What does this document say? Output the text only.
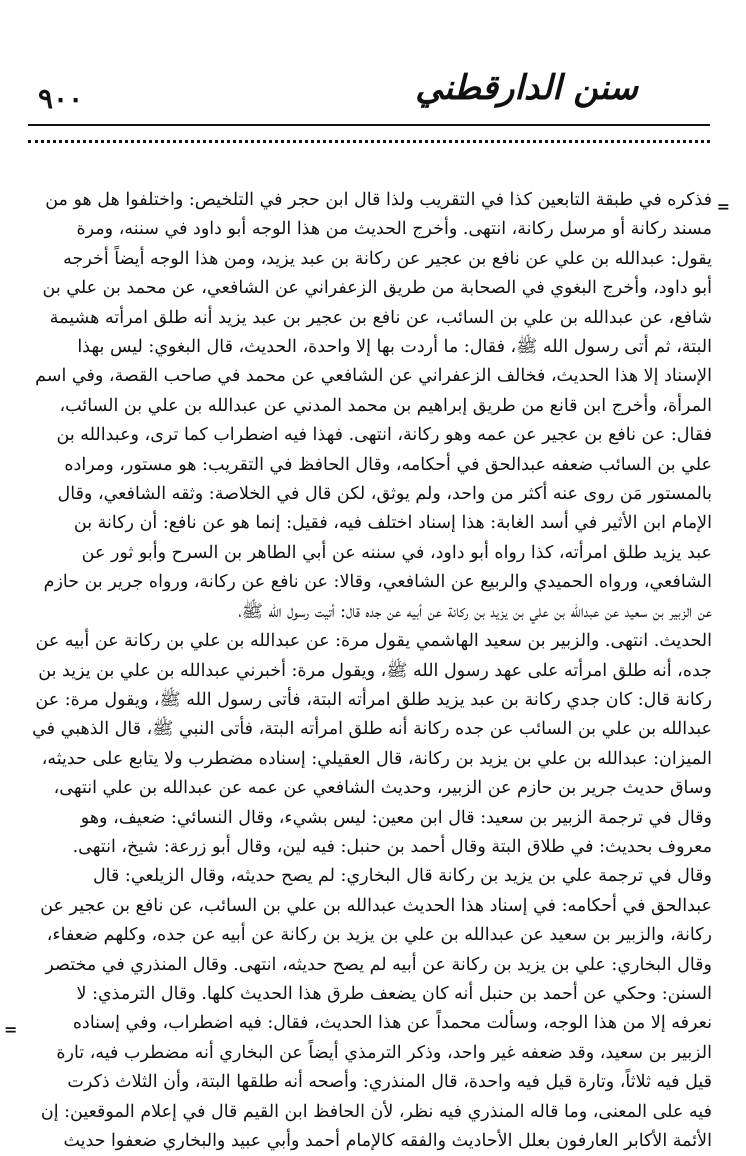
٩٠٠	سنن الدارقطني
=
فذكره في طبقة التابعين كذا في التقريب ولذا قال ابن حجر في التلخيص: واختلفوا هل هو من
مسند ركانة أو مرسل ركانة، انتهى. وأخرج الحديث من هذا الوجه أبو داود في سننه، ومرة
يقول: عبدالله بن علي عن نافع بن عجير عن ركانة بن عبد يزيد، ومن هذا الوجه أيضاً أخرجه
أبو داود، وأخرج البغوي في الصحابة من طريق الزعفراني عن الشافعي، عن محمد بن علي بن
شافع، عن عبدالله بن علي بن السائب، عن نافع بن عجير بن عبد يزيد أنه طلق امرأته هشيمة
البتة، ثم أتى رسول الله ﷺ، فقال: ما أردت بها إلا واحدة، الحديث، قال البغوي: ليس بهذا
الإسناد إلا هذا الحديث، فخالف الزعفراني عن الشافعي عن محمد في صاحب القصة، وفي اسم
المرأة، وأخرج ابن قانع من طريق إبراهيم بن محمد المدني عن عبدالله بن علي بن السائب،
فقال: عن نافع بن عجير عن عمه وهو ركانة، انتهى. فهذا فيه اضطراب كما ترى، وعبدالله بن
علي بن السائب ضعفه عبدالحق في أحكامه، وقال الحافظ في التقريب: هو مستور، ومراده
بالمستور مَن روى عنه أكثر من واحد، ولم يوثق، لكن قال في الخلاصة: وثقه الشافعي، وقال
الإمام ابن الأثير في أسد الغابة: هذا إسناد اختلف فيه، فقيل: إنما هو عن نافع: أن ركانة بن
عبد يزيد طلق امرأته، كذا رواه أبو داود، في سننه عن أبي الطاهر بن السرح وأبو ثور عن
الشافعي، ورواه الحميدي والربيع عن الشافعي، وقالا: عن نافع عن ركانة، ورواه جرير بن حازم
عن الزبير بن سعيد عن عبدالله بن علي بن يزيد بن ركانة عن أبيه عن جده قال: أتيت رسول الله ﷺ،
الحديث. انتهى. والزبير بن سعيد الهاشمي يقول مرة: عن عبدالله بن علي بن ركانة عن أبيه عن
جده، أنه طلق امرأته على عهد رسول الله ﷺ، ويقول مرة: أخبرني عبدالله بن علي بن يزيد بن
ركانة قال: كان جدي ركانة بن عبد يزيد طلق امرأته البتة، فأتى رسول الله ﷺ، ويقول مرة: عن
عبدالله بن علي بن السائب عن جده ركانة أنه طلق امرأته البتة، فأتى النبي ﷺ، قال الذهبي في
الميزان: عبدالله بن علي بن يزيد بن ركانة، قال العقيلي: إسناده مضطرب ولا يتابع على حديثه،
وساق حديث جرير بن حازم عن الزبير، وحديث الشافعي عن عمه عن عبدالله بن علي انتهى،
وقال في ترجمة الزبير بن سعيد: قال ابن معين: ليس بشيء، وقال النسائي: ضعيف، وهو
معروف بحديث: في طلاق البتة وقال أحمد بن حنبل: فيه لين، وقال أبو زرعة: شيخ، انتهى.
وقال في ترجمة علي بن يزيد بن ركانة قال البخاري: لم يصح حديثه، وقال الزيلعي: قال
عبدالحق في أحكامه: في إسناد هذا الحديث عبدالله بن علي بن السائب، عن نافع بن عجير عن
ركانة، والزبير بن سعيد عن عبدالله بن علي بن يزيد بن ركانة عن أبيه عن جده، وكلهم ضعفاء،
وقال البخاري: علي بن يزيد بن ركانة عن أبيه لم يصح حديثه، انتهى. وقال المنذري في مختصر
السنن: وحكي عن أحمد بن حنبل أنه كان يضعف طرق هذا الحديث كلها. وقال الترمذي: لا
نعرفه إلا من هذا الوجه، وسألت محمداً عن هذا الحديث، فقال: فيه اضطراب، وفي إسناده
الزبير بن سعيد، وقد ضعفه غير واحد، وذكر الترمذي أيضاً عن البخاري أنه مضطرب فيه، تارة
قيل فيه ثلاثاً، وتارة قيل فيه واحدة، قال المنذري: وأصحه أنه طلقها البتة، وأن الثلاث ذكرت
فيه على المعنى، وما قاله المنذري فيه نظر، لأن الحافظ ابن القيم قال في إعلام الموقعين: إن
الأئمة الأكابر العارفون بعلل الأحاديث والفقه كالإمام أحمد وأبي عبيد والبخاري ضعفوا حديث
=
